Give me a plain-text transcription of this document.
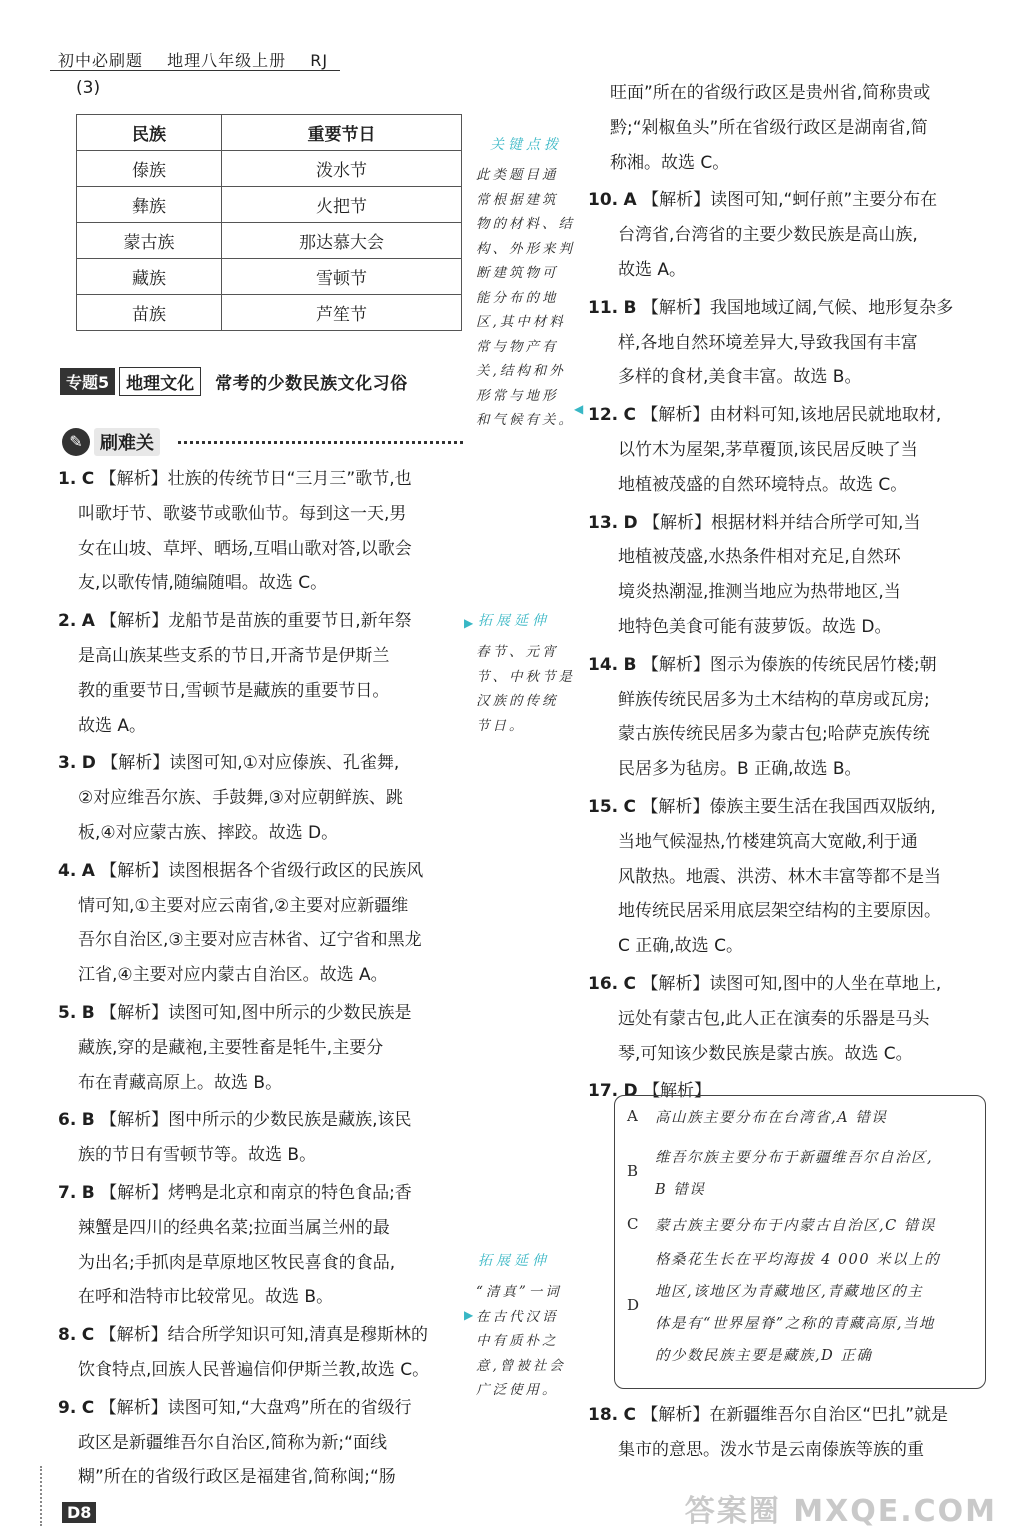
初中必刷题 地理八年级上册 RJ
(3)
民族	重要节日
傣族	泼水节
彝族	火把节
蒙古族	那达慕大会
藏族	雪顿节
苗族	芦笙节
关键点拨
此类题目通
常根据建筑
物的材料、结
构、外形来判
断建筑物可
能分布的地
区,其中材料
常与物产有
关,结构和外
形常与地形
和气候有关。
◀
▶ 拓展延伸
春节、元宵
节、中秋节是
汉族的传统
节日。
拓展延伸
“清真”一词
在古代汉语
中有质朴之
意,曾被社会
广泛使用。
▶
专题5	地理文化	常考的少数民族文化习俗
✎ 刷难关

1. C 【解析】壮族的传统节日“三月三”歌节,也

叫歌圩节、歌婆节或歌仙节。每到这一天,男

女在山坡、草坪、晒场,互唱山歌对答,以歌会

友,以歌传情,随编随唱。故选 C。

2. A 【解析】龙船节是苗族的重要节日,新年祭

是高山族某些支系的节日,开斋节是伊斯兰

教的重要节日,雪顿节是藏族的重要节日。

故选 A。

3. D 【解析】读图可知,①对应傣族、孔雀舞,

②对应维吾尔族、手鼓舞,③对应朝鲜族、跳

板,④对应蒙古族、摔跤。故选 D。

4. A 【解析】读图根据各个省级行政区的民族风

情可知,①主要对应云南省,②主要对应新疆维

吾尔自治区,③主要对应吉林省、辽宁省和黑龙

江省,④主要对应内蒙古自治区。故选 A。

5. B 【解析】读图可知,图中所示的少数民族是

藏族,穿的是藏袍,主要牲畜是牦牛,主要分

布在青藏高原上。故选 B。

6. B 【解析】图中所示的少数民族是藏族,该民

族的节日有雪顿节等。故选 B。

7. B 【解析】烤鸭是北京和南京的特色食品;香

辣蟹是四川的经典名菜;拉面当属兰州的最

为出名;手抓肉是草原地区牧民喜食的食品,

在呼和浩特市比较常见。故选 B。

8. C 【解析】结合所学知识可知,清真是穆斯林的

饮食特点,回族人民普遍信仰伊斯兰教,故选 C。

9. C 【解析】读图可知,“大盘鸡”所在的省级行

政区是新疆维吾尔自治区,简称为新;“面线

糊”所在的省级行政区是福建省,简称闽;“肠

旺面”所在的省级行政区是贵州省,简称贵或

黔;“剁椒鱼头”所在省级行政区是湖南省,简

称湘。故选 C。

10. A 【解析】读图可知,“蚵仔煎”主要分布在

台湾省,台湾省的主要少数民族是高山族,

故选 A。

11. B 【解析】我国地域辽阔,气候、地形复杂多

样,各地自然环境差异大,导致我国有丰富

多样的食材,美食丰富。故选 B。

12. C 【解析】由材料可知,该地居民就地取材,

以竹木为屋架,茅草覆顶,该民居反映了当

地植被茂盛的自然环境特点。故选 C。

13. D 【解析】根据材料并结合所学可知,当

地植被茂盛,水热条件相对充足,自然环

境炎热潮湿,推测当地应为热带地区,当

地特色美食可能有菠萝饭。故选 D。

14. B 【解析】图示为傣族的传统民居竹楼;朝

鲜族传统民居多为土木结构的草房或瓦房;

蒙古族传统民居多为蒙古包;哈萨克族传统

民居多为毡房。B 正确,故选 B。

15. C 【解析】傣族主要生活在我国西双版纳,

当地气候湿热,竹楼建筑高大宽敞,利于通

风散热。地震、洪涝、林木丰富等都不是当

地传统民居采用底层架空结构的主要原因。

C 正确,故选 C。

16. C 【解析】读图可知,图中的人坐在草地上,

远处有蒙古包,此人正在演奏的乐器是马头

琴,可知该少数民族是蒙古族。故选 C。

17. D 【解析】

A 高山族主要分布在台湾省,A 错误
B
维吾尔族主要分布于新疆维吾尔自治区,
B 错误
C 蒙古族主要分布于内蒙古自治区,C 错误
D
格桑花生长在平均海拔 4 000 米以上的
地区,该地区为青藏地区,青藏地区的主
体是有“世界屋脊”之称的青藏高原,当地
的少数民族主要是藏族,D 正确

18. C 【解析】在新疆维吾尔自治区“巴扎”就是

集市的意思。泼水节是云南傣族等族的重

D8	答案圈 MXQE.COM
